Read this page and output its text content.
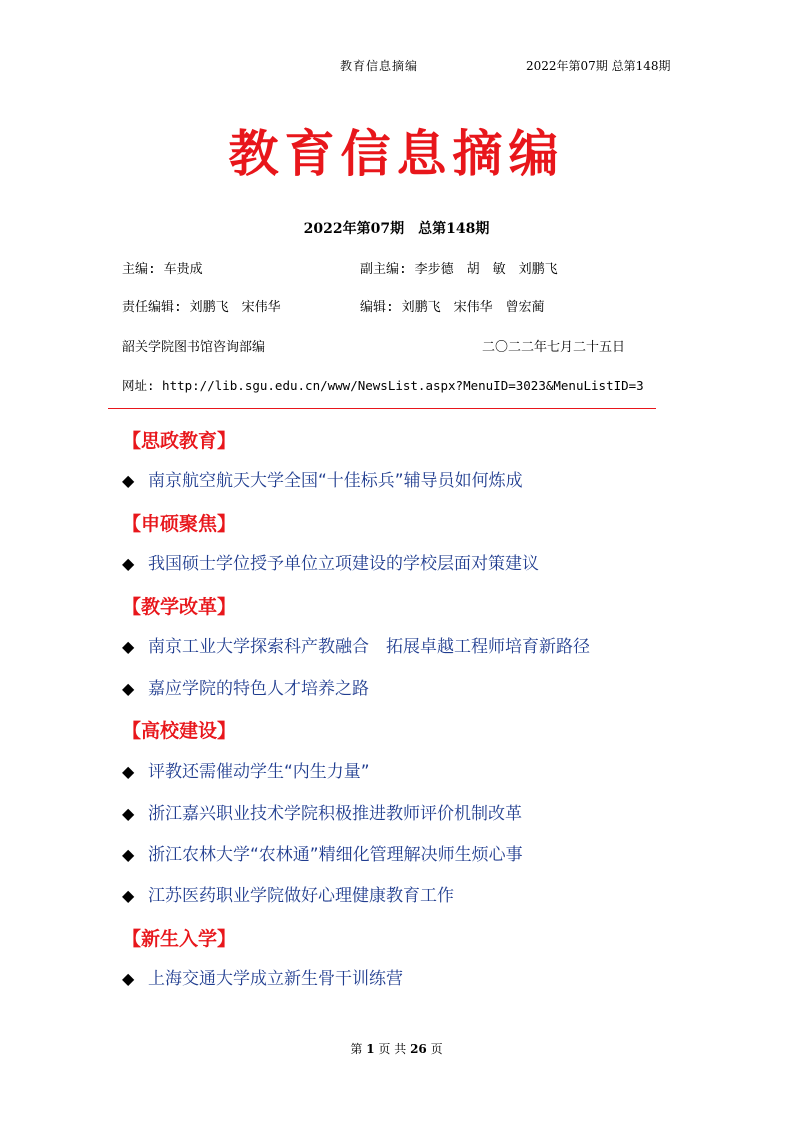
教育信息摘编	2022年第07期 总第148期
教育信息摘编
2022年第07期　总第148期
主编: 车贵成	副主编: 李步德　胡　敏　刘鹏飞
责任编辑: 刘鹏飞　宋伟华	编辑: 刘鹏飞　宋伟华　曾宏蔺
韶关学院图书馆咨询部编	二〇二二年七月二十五日
网址: http://lib.sgu.edu.cn/www/NewsList.aspx?MenuID=3023&MenuListID=3
【思政教育】
◆ 南京航空航天大学全国“十佳标兵”辅导员如何炼成
【申硕聚焦】
◆ 我国硕士学位授予单位立项建设的学校层面对策建议
【教学改革】
◆ 南京工业大学探索科产教融合　拓展卓越工程师培育新路径
◆ 嘉应学院的特色人才培养之路
【高校建设】
◆ 评教还需催动学生“内生力量”
◆ 浙江嘉兴职业技术学院积极推进教师评价机制改革
◆ 浙江农林大学“农林通”精细化管理解决师生烦心事
◆ 江苏医药职业学院做好心理健康教育工作
【新生入学】
◆ 上海交通大学成立新生骨干训练营
第 1 页 共 26 页
